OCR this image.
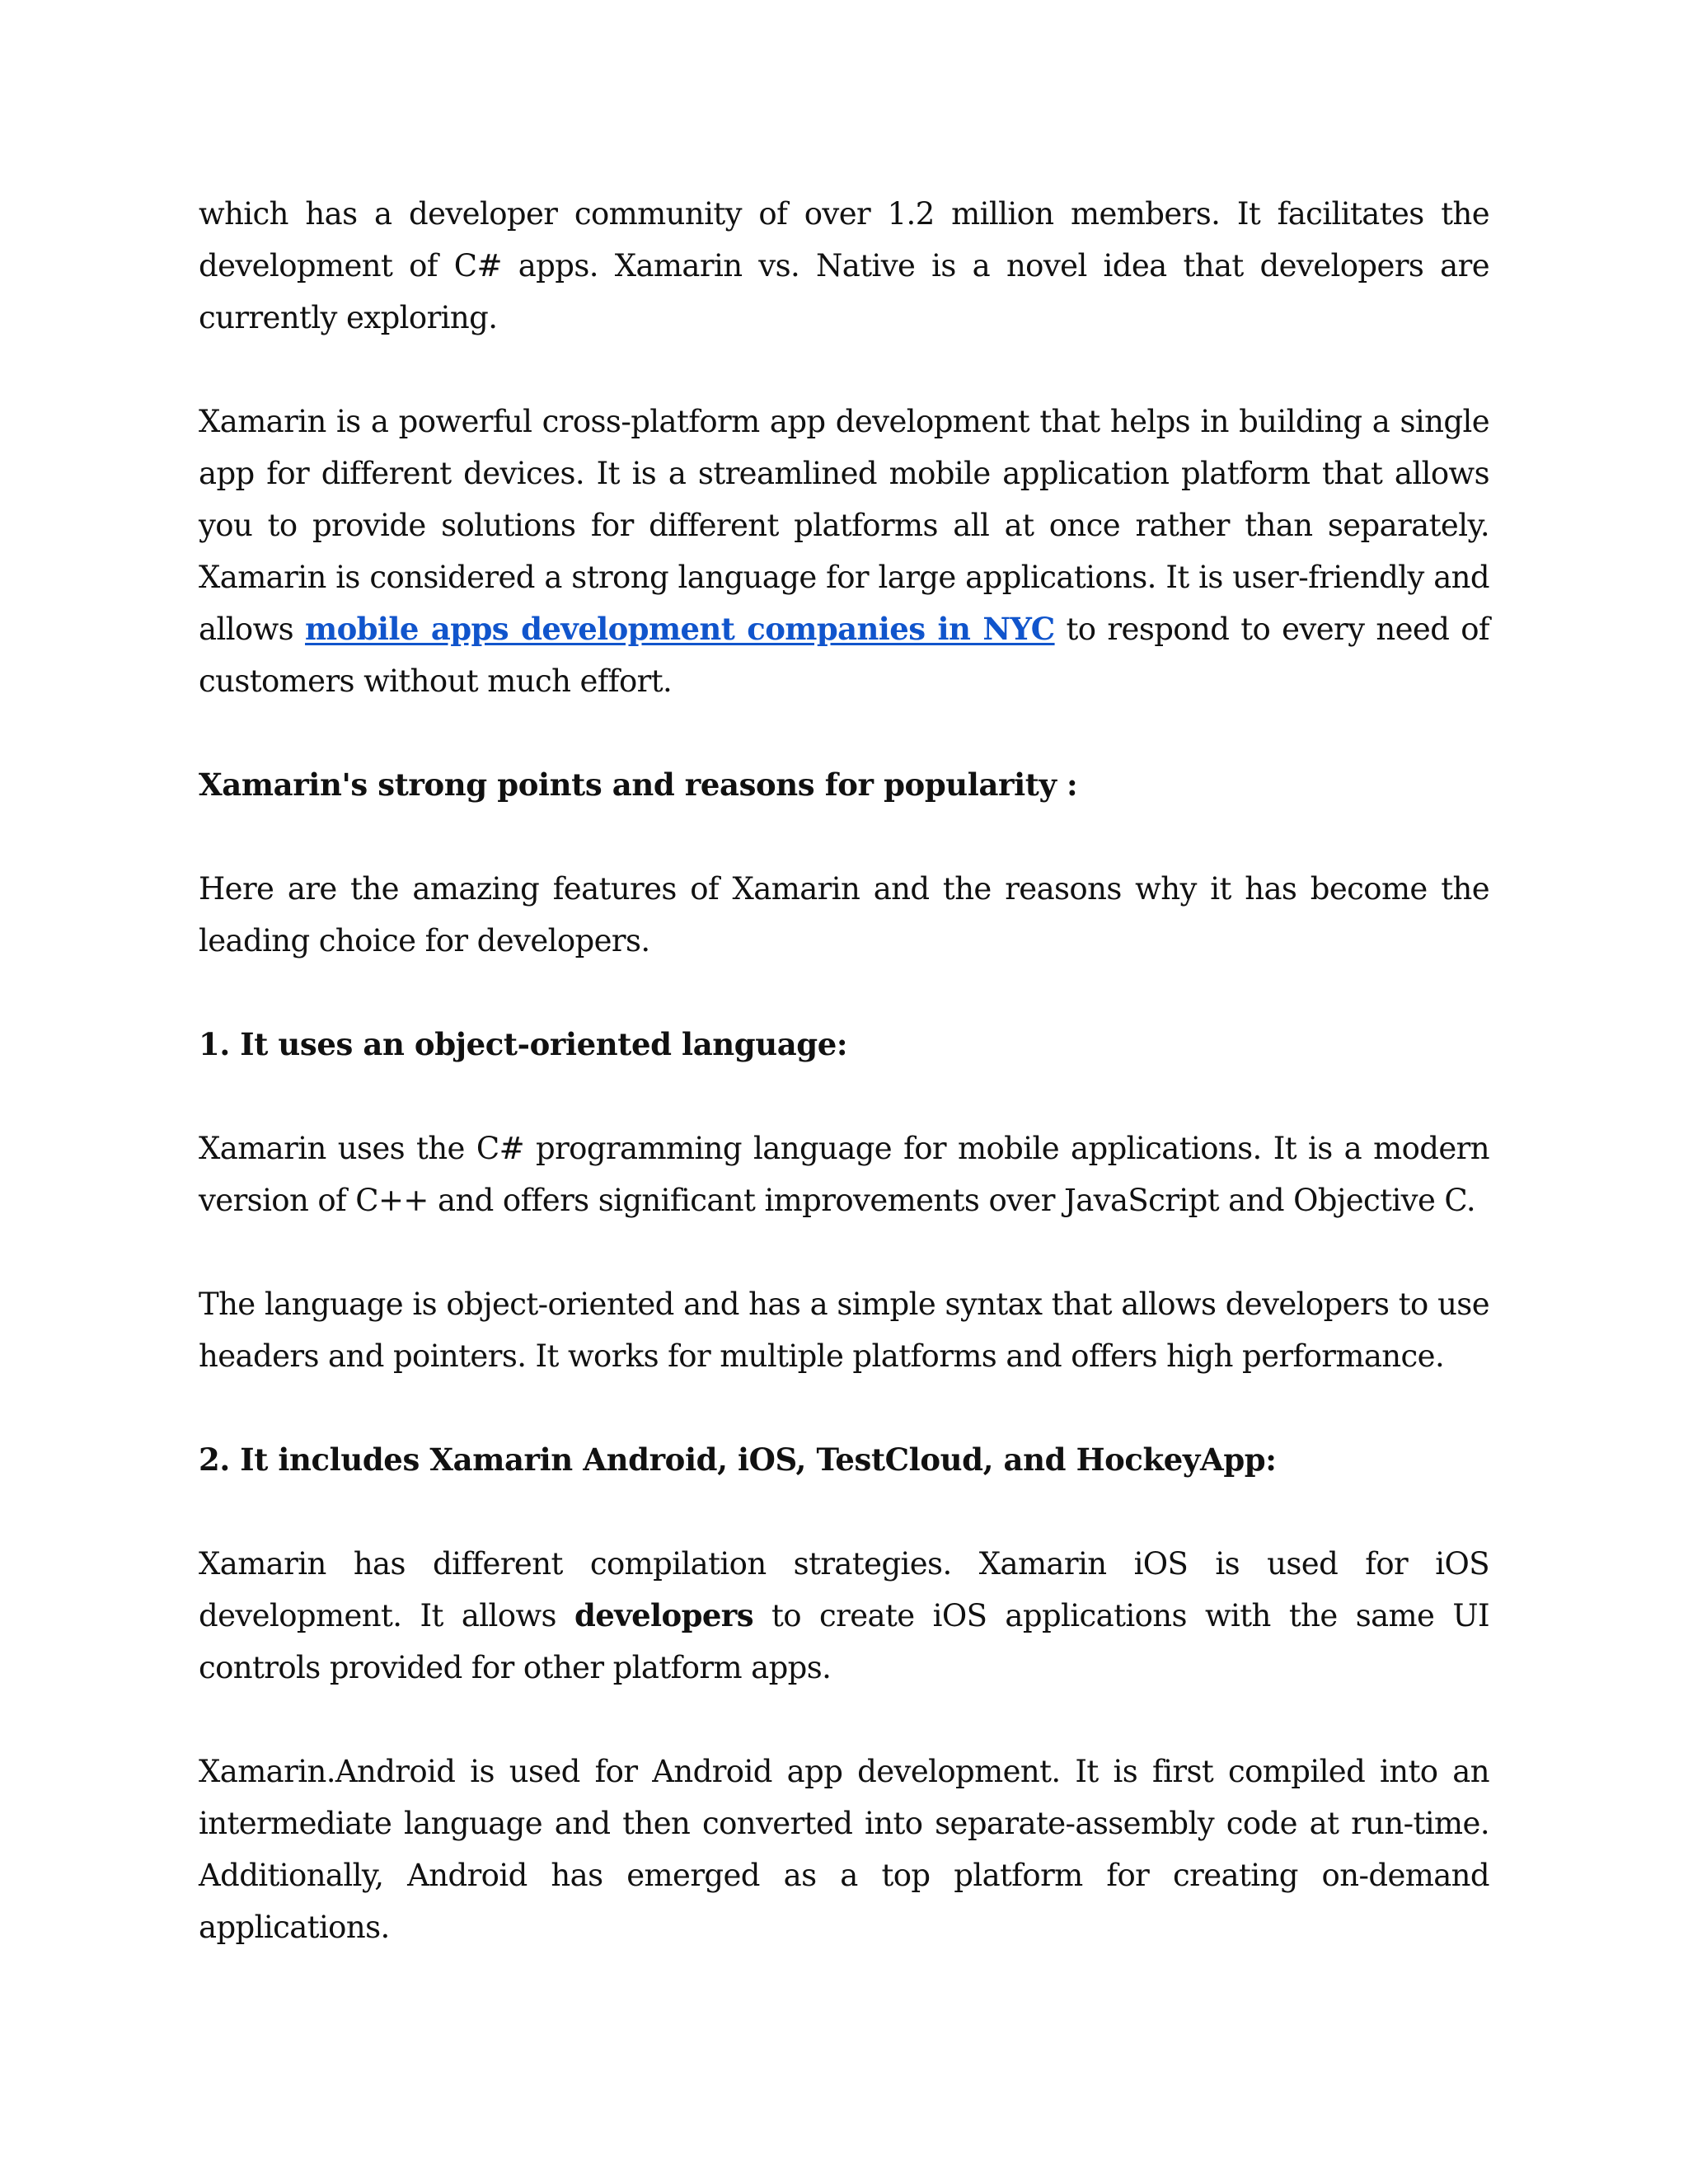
which has a developer community of over 1.2 million members. It facilitates the development of C# apps. Xamarin vs. Native is a novel idea that developers are currently exploring.

Xamarin is a powerful cross-platform app development that helps in building a single app for different devices. It is a streamlined mobile application platform that allows you to provide solutions for different platforms all at once rather than separately. Xamarin is considered a strong language for large applications. It is user-friendly and allows mobile apps development companies in NYC to respond to every need of customers without much effort.

Xamarin's strong points and reasons for popularity :

Here are the amazing features of Xamarin and the reasons why it has become the leading choice for developers.

1. It uses an object-oriented language:

Xamarin uses the C# programming language for mobile applications. It is a modern version of C++ and offers significant improvements over JavaScript and Objective C.

The language is object-oriented and has a simple syntax that allows developers to use headers and pointers. It works for multiple platforms and offers high performance.

2. It includes Xamarin Android, iOS, TestCloud, and HockeyApp:

Xamarin has different compilation strategies. Xamarin iOS is used for iOS development. It allows developers to create iOS applications with the same UI controls provided for other platform apps.

Xamarin.Android is used for Android app development. It is first compiled into an intermediate language and then converted into separate-assembly code at run-time. Additionally, Android has emerged as a top platform for creating on-demand applications.
